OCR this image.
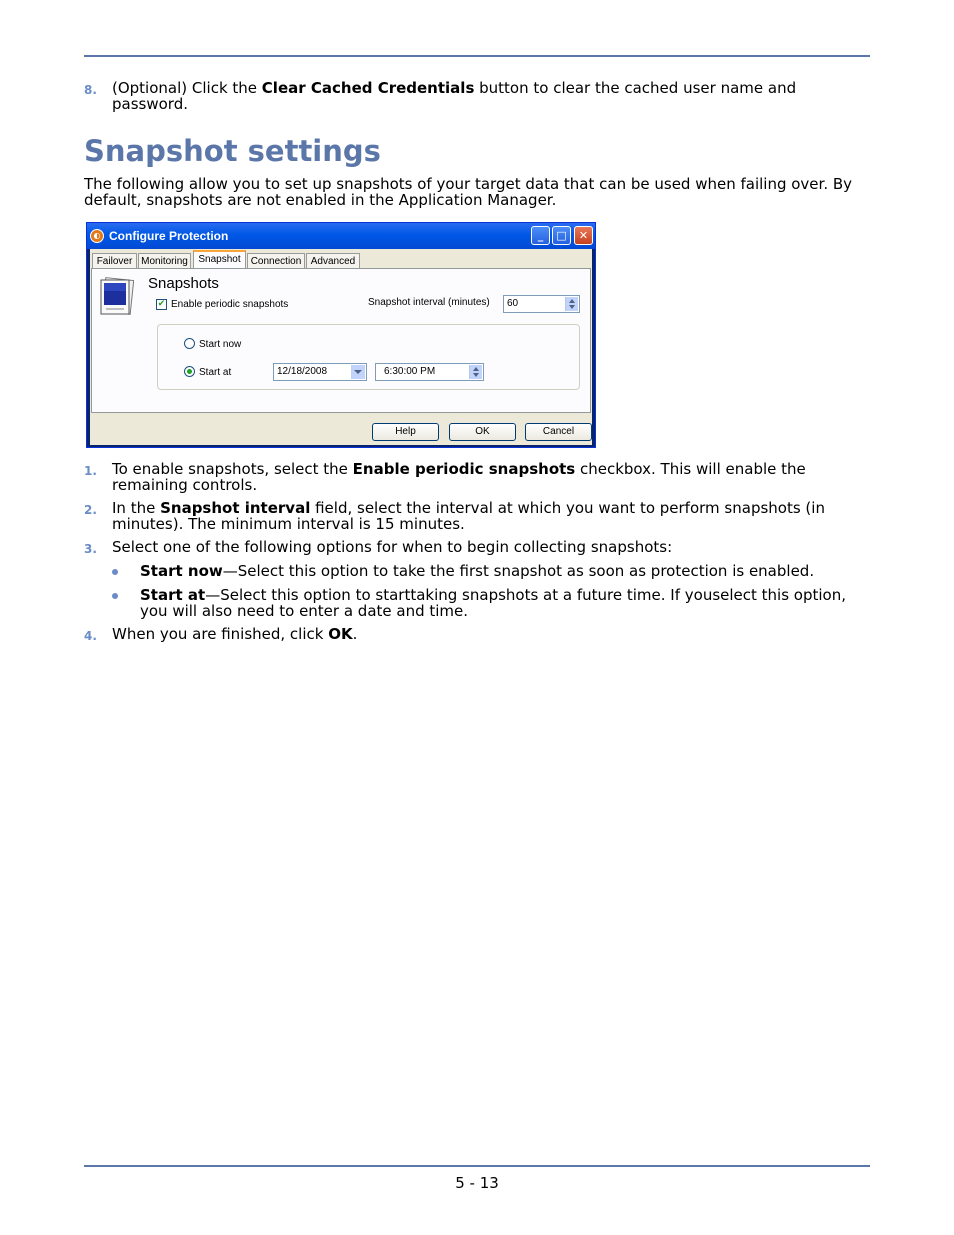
8. (Optional) Click the Clear Cached Credentials button to clear the cached user name and password.
Snapshot settings
The following allow you to set up snapshots of your target data that can be used when failing over. By default, snapshots are not enabled in the Application Manager.
◐ Configure Protection	_	□	✕
Failover Monitoring	Snapshot	Connection Advanced
Snapshots
✔ Enable periodic snapshots	Snapshot interval (minutes)	60
Start now
Start at	12/18/2008	6:30:00 PM
Help	OK	Cancel
1. To enable snapshots, select the Enable periodic snapshots checkbox. This will enable the remaining controls.
2. In the Snapshot interval field, select the interval at which you want to perform snapshots (in minutes). The minimum interval is 15 minutes.
3. Select one of the following options for when to begin collecting snapshots:
Start now—Select this option to take the first snapshot as soon as protection is enabled.
Start at—Select this option to starttaking snapshots at a future time. If youselect this option, you will also need to enter a date and time.
4. When you are finished, click OK.
5 - 13
